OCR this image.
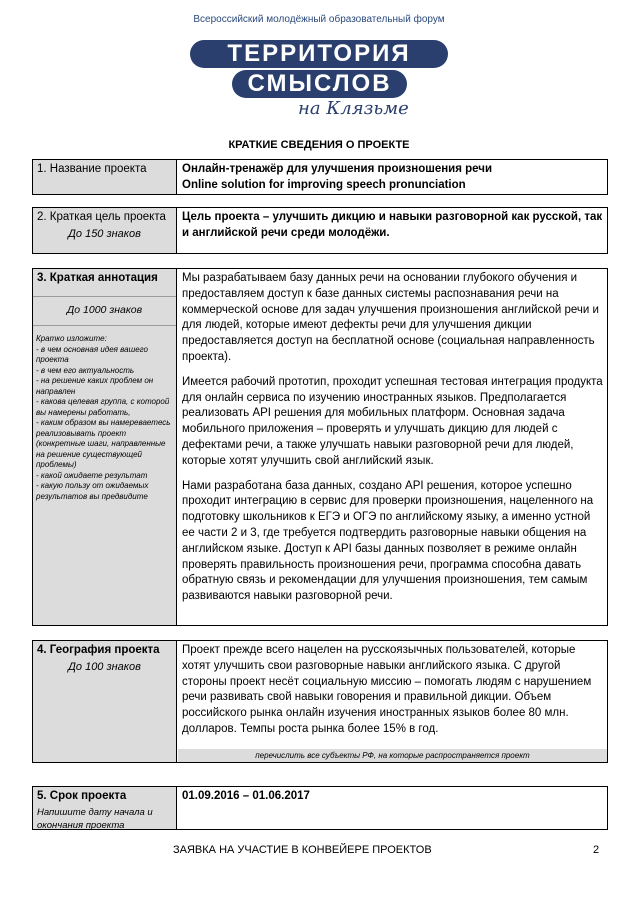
Всероссийский молодёжный образовательный форум
ТЕРРИТОРИЯ
СМЫСЛОВ
на Клязьме
КРАТКИЕ СВЕДЕНИЯ О ПРОЕКТЕ
1. Название проекта	Онлайн-тренажёр для улучшения произношения речи
Online solution for improving speech pronunciation
2. Краткая цель проекта
До 150 знаков
Цель проекта – улучшить дикцию и навыки разговорной как русской, так и английской речи среди молодёжи.
3. Краткая аннотация
До 1000 знаков
Кратко изложите:
- в чем основная идея вашего проекта
- в чем его актуальность
- на решение каких проблем он направлен
- какова целевая группа, с которой вы намерены работать,
- каким образом вы намереваетесь реализовывать проект (конкретные шаги, направленные на решение существующей проблемы)
- какой ожидаете результат
- какую пользу от ожидаемых результатов вы предвидите

Мы разрабатываем базу данных речи на основании глубокого обучения и предоставляем доступ к базе данных системы распознавания речи на коммерческой основе для задач улучшения произношения английской речи и для людей, которые имеют дефекты речи для улучшения дикции предоставляется доступ на бесплатной основе (социальная направленность проекта).

Имеется рабочий прототип, проходит успешная тестовая интеграция продукта для онлайн сервиса по изучению иностранных языков. Предполагается реализовать API решения для мобильных платформ. Основная задача мобильного приложения – проверять и улучшать дикцию для людей с дефектами речи, а также улучшать навыки разговорной речи для людей, которые хотят улучшить свой английский язык.

Нами разработана база данных, создано API решения, которое успешно проходит интеграцию в сервис для проверки произношения, нацеленного на подготовку школьников к ЕГЭ и ОГЭ по английскому языку, а именно устной ее части 2 и 3, где требуется подтвердить разговорные навыки общения на английском языке. Доступ к API базы данных позволяет в режиме онлайн проверять правильность произношения речи, программа способна давать обратную связь и рекомендации для улучшения произношения, тем самым развиваются навыки разговорной речи.

4. География проекта
До 100 знаков
Проект прежде всего нацелен на русскоязычных пользователей, которые хотят улучшить свои разговорные навыки английского языка. С другой стороны проект несёт социальную миссию – помогать людям с нарушением речи развивать свой навыки говорения и правильной дикции. Объем российского рынка онлайн изучения иностранных языков более 80 млн. долларов. Темпы роста рынка более 15% в год.
перечислить все субъекты РФ, на которые распространяется проект
5. Срок проекта
Напишите дату начала и окончания проекта
01.09.2016 – 01.06.2017
ЗАЯВКА НА УЧАСТИЕ В КОНВЕЙЕРЕ ПРОЕКТОВ	2
